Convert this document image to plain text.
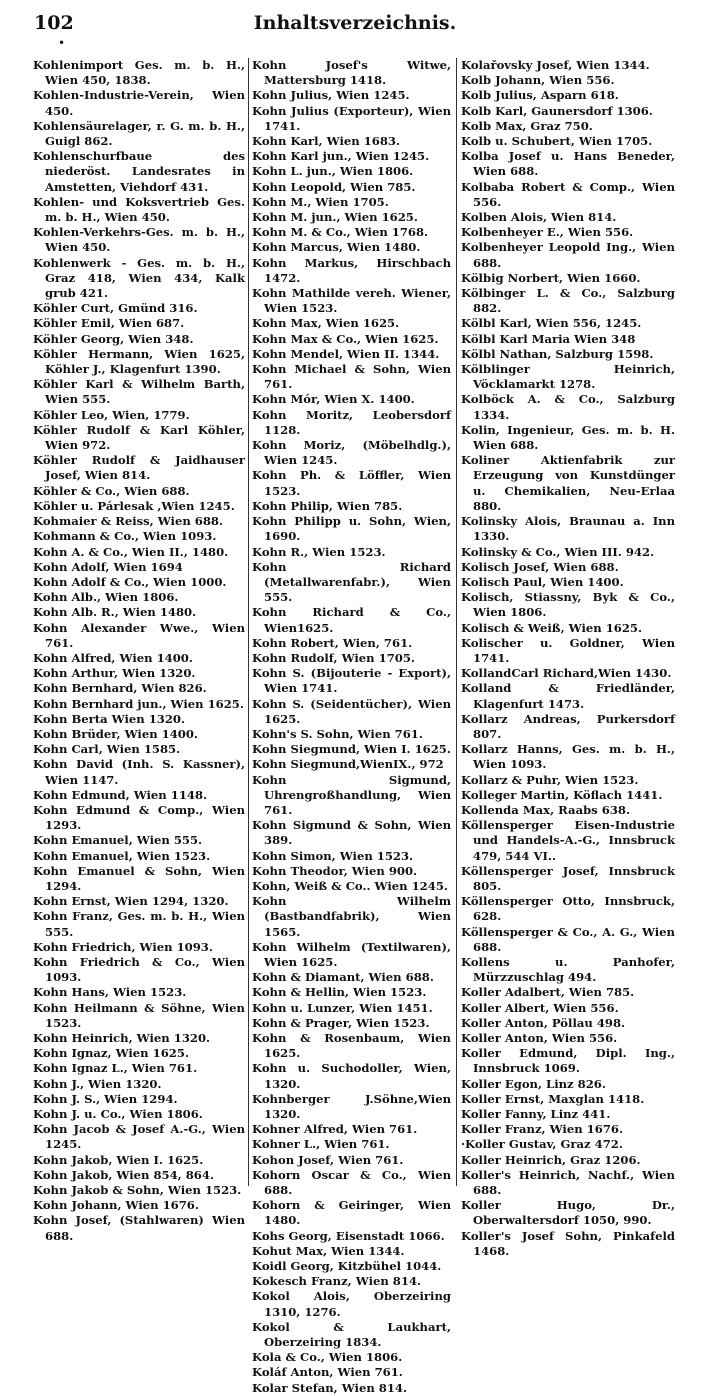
102	Inhaltsverzeichnis.
•
Kohlenimport Ges. m. b. H., Wien 450, 1838.
Kohlen-Industrie-Verein, Wien 450.
Kohlensäurelager, r. G. m. b. H., Guigl 862.
Kohlenschurfbaue des niederöst. Landesrates in Amstetten, Viehdorf 431.
Kohlen- und Koksvertrieb Ges. m. b. H., Wien 450.
Kohlen-Verkehrs-Ges. m. b. H., Wien 450.
Kohlenwerk - Ges. m. b. H., Graz 418, Wien 434, Kalk grub 421.
Köhler Curt, Gmünd 316.
Köhler Emil, Wien 687.
Köhler Georg, Wien 348.
Köhler Hermann, Wien 1625, Köhler J., Klagenfurt 1390.
Köhler Karl & Wilhelm Barth, Wien 555.
Köhler Leo, Wien, 1779.
Köhler Rudolf & Karl Köhler, Wien 972.
Köhler Rudolf & Jaidhauser Josef, Wien 814.
Köhler & Co., Wien 688.
Köhler u. Párlesak ,Wien 1245.
Kohmaier & Reiss, Wien 688.
Kohmann & Co., Wien 1093.
Kohn A. & Co., Wien II., 1480.
Kohn Adolf, Wien 1694
Kohn Adolf & Co., Wien 1000.
Kohn Alb., Wien 1806.
Kohn Alb. R., Wien 1480.
Kohn Alexander Wwe., Wien 761.
Kohn Alfred, Wien 1400.
Kohn Arthur, Wien 1320.
Kohn Bernhard, Wien 826.
Kohn Bernhard jun., Wien 1625.
Kohn Berta Wien 1320.
Kohn Brüder, Wien 1400.
Kohn Carl, Wien 1585.
Kohn David (Inh. S. Kassner), Wien 1147.
Kohn Edmund, Wien 1148.
Kohn Edmund & Comp., Wien 1293.
Kohn Emanuel, Wien 555.
Kohn Emanuel, Wien 1523.
Kohn Emanuel & Sohn, Wien 1294.
Kohn Ernst, Wien 1294, 1320.
Kohn Franz, Ges. m. b. H., Wien 555.
Kohn Friedrich, Wien 1093.
Kohn Friedrich & Co., Wien 1093.
Kohn Hans, Wien 1523.
Kohn Heilmann & Söhne, Wien 1523.
Kohn Heinrich, Wien 1320.
Kohn Ignaz, Wien 1625.
Kohn Ignaz L., Wien 761.
Kohn J., Wien 1320.
Kohn J. S., Wien 1294.
Kohn J. u. Co., Wien 1806.
Kohn Jacob & Josef A.-G., Wien 1245.
Kohn Jakob, Wien I. 1625.
Kohn Jakob, Wien 854, 864.
Kohn Jakob & Sohn, Wien 1523.
Kohn Johann, Wien 1676.
Kohn Josef, (Stahlwaren) Wien 688.
Kohn Josef's Witwe, Mattersburg 1418.
Kohn Julius, Wien 1245.
Kohn Julius (Exporteur), Wien 1741.
Kohn Karl, Wien 1683.
Kohn Karl jun., Wien 1245.
Kohn L. jun., Wien 1806.
Kohn Leopold, Wien 785.
Kohn M., Wien 1705.
Kohn M. jun., Wien 1625.
Kohn M. & Co., Wien 1768.
Kohn Marcus, Wien 1480.
Kohn Markus, Hirschbach 1472.
Kohn Mathilde vereh. Wiener, Wien 1523.
Kohn Max, Wien 1625.
Kohn Max & Co., Wien 1625.
Kohn Mendel, Wien II. 1344.
Kohn Michael & Sohn, Wien 761.
Kohn Mór, Wien X. 1400.
Kohn Moritz, Leobersdorf 1128.
Kohn Moriz, (Möbelhdlg.), Wien 1245.
Kohn Ph. & Löffler, Wien 1523.
Kohn Philip, Wien 785.
Kohn Philipp u. Sohn, Wien, 1690.
Kohn R., Wien 1523.
Kohn Richard (Metallwarenfabr.), Wien 555.
Kohn Richard & Co., Wien1625.
Kohn Robert, Wien, 761.
Kohn Rudolf, Wien 1705.
Kohn S. (Bijouterie - Export), Wien 1741.
Kohn S. (Seidentücher), Wien 1625.
Kohn's S. Sohn, Wien 761.
Kohn Siegmund, Wien I. 1625.
Kohn Siegmund,WienIX., 972
Kohn Sigmund, Uhrengroßhandlung, Wien 761.
Kohn Sigmund & Sohn, Wien 389.
Kohn Simon, Wien 1523.
Kohn Theodor, Wien 900.
Kohn, Weiß & Co.. Wien 1245.
Kohn Wilhelm (Bastbandfabrik), Wien 1565.
Kohn Wilhelm (Textilwaren), Wien 1625.
Kohn & Diamant, Wien 688.
Kohn & Hellin, Wien 1523.
Kohn u. Lunzer, Wien 1451.
Kohn & Prager, Wien 1523.
Kohn & Rosenbaum, Wien 1625.
Kohn u. Suchodoller, Wien, 1320.
Kohnberger J.Söhne,Wien 1320.
Kohner Alfred, Wien 761.
Kohner L., Wien 761.
Kohon Josef, Wien 761.
Kohorn Oscar & Co., Wien 688.
Kohorn & Geiringer, Wien 1480.
Kohs Georg, Eisenstadt 1066.
Kohut Max, Wien 1344.
Koidl Georg, Kitzbühel 1044.
Kokesch Franz, Wien 814.
Kokol Alois, Oberzeiring 1310, 1276.
Kokol & Laukhart, Oberzeiring 1834.
Kola & Co., Wien 1806.
Koláf Anton, Wien 761.
Kolar Stefan, Wien 814.
Kolařovsky Josef, Wien 1344.
Kolb Johann, Wien 556.
Kolb Julius, Asparn 618.
Kolb Karl, Gaunersdorf 1306.
Kolb Max, Graz 750.
Kolb u. Schubert, Wien 1705.
Kolba Josef u. Hans Beneder, Wien 688.
Kolbaba Robert & Comp., Wien 556.
Kolben Alois, Wien 814.
Kolbenheyer E., Wien 556.
Kolbenheyer Leopold Ing., Wien 688.
Kölbig Norbert, Wien 1660.
Kölbinger L. & Co., Salzburg 882.
Kölbl Karl, Wien 556, 1245.
Kölbl Karl Maria Wien 348
Kölbl Nathan, Salzburg 1598.
Kölblinger Heinrich, Vöcklamarkt 1278.
Kolböck A. & Co., Salzburg 1334.
Kolin, Ingenieur, Ges. m. b. H. Wien 688.
Koliner Aktienfabrik zur Erzeugung von Kunstdünger u. Chemikalien, Neu-Erlaa 880.
Kolinsky Alois, Braunau a. Inn 1330.
Kolinsky & Co., Wien III. 942.
Kolisch Josef, Wien 688.
Kolisch Paul, Wien 1400.
Kolisch, Stiassny, Byk & Co., Wien 1806.
Kolisch & Weiß, Wien 1625.
Kolischer u. Goldner, Wien 1741.
KollandCarl Richard,Wien 1430.
Kolland & Friedländer, Klagenfurt 1473.
Kollarz Andreas, Purkersdorf 807.
Kollarz Hanns, Ges. m. b. H., Wien 1093.
Kollarz & Puhr, Wien 1523.
Kolleger Martin, Köflach 1441.
Kollenda Max, Raabs 638.
Köllensperger Eisen-Industrie und Handels-A.-G., Innsbruck 479, 544 VI..
Köllensperger Josef, Innsbruck 805.
Köllensperger Otto, Innsbruck, 628.
Köllensperger & Co., A. G., Wien 688.
Kollens u. Panhofer, Mürzzuschlag 494.
Koller Adalbert, Wien 785.
Koller Albert, Wien 556.
Koller Anton, Pöllau 498.
Koller Anton, Wien 556.
Koller Edmund, Dipl. Ing., Innsbruck 1069.
Koller Egon, Linz 826.
Koller Ernst, Maxglan 1418.
Koller Fanny, Linz 441.
Koller Franz, Wien 1676.
·Koller Gustav, Graz 472.
Koller Heinrich, Graz 1206.
Koller's Heinrich, Nachf., Wien 688.
Koller Hugo, Dr., Oberwaltersdorf 1050, 990.
Koller's Josef Sohn, Pinkafeld 1468.
